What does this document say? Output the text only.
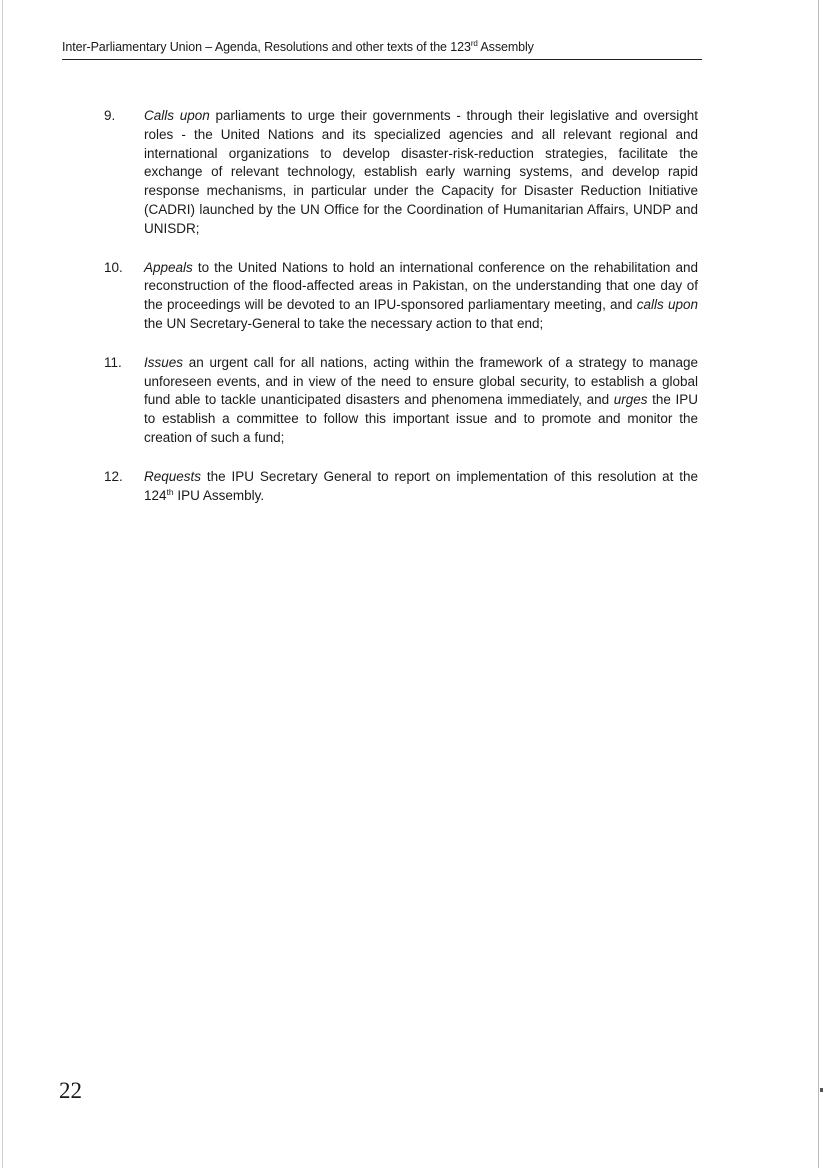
Inter-Parliamentary Union – Agenda, Resolutions and other texts of the 123rd Assembly
9. Calls upon parliaments to urge their governments - through their legislative and oversight roles - the United Nations and its specialized agencies and all relevant regional and international organizations to develop disaster-risk-reduction strategies, facilitate the exchange of relevant technology, establish early warning systems, and develop rapid response mechanisms, in particular under the Capacity for Disaster Reduction Initiative (CADRI) launched by the UN Office for the Coordination of Humanitarian Affairs, UNDP and UNISDR;
10. Appeals to the United Nations to hold an international conference on the rehabilitation and reconstruction of the flood-affected areas in Pakistan, on the understanding that one day of the proceedings will be devoted to an IPU-sponsored parliamentary meeting, and calls upon the UN Secretary-General to take the necessary action to that end;
11. Issues an urgent call for all nations, acting within the framework of a strategy to manage unforeseen events, and in view of the need to ensure global security, to establish a global fund able to tackle unanticipated disasters and phenomena immediately, and urges the IPU to establish a committee to follow this important issue and to promote and monitor the creation of such a fund;
12. Requests the IPU Secretary General to report on implementation of this resolution at the 124th IPU Assembly.
22
